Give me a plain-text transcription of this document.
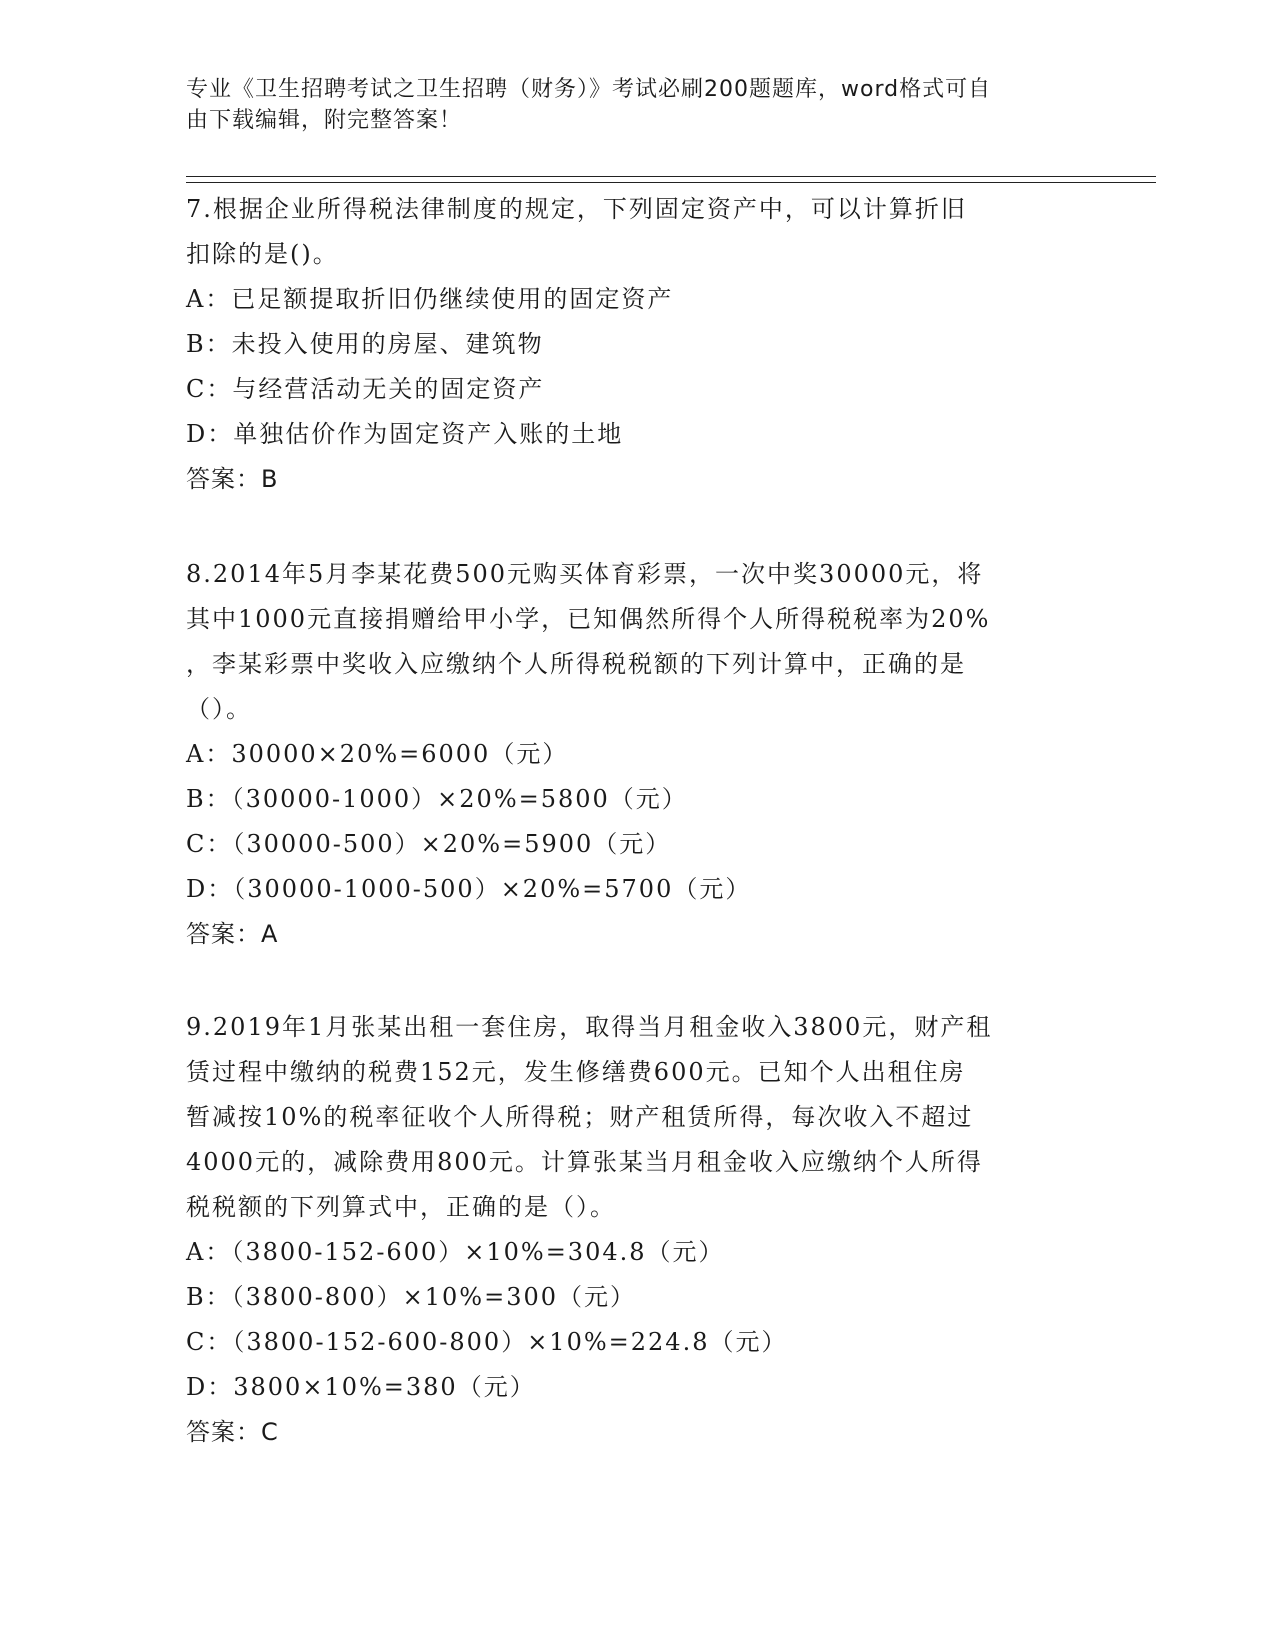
专业《卫生招聘考试之卫生招聘（财务）》考试必刷200题题库，word格式可自
由下载编辑，附完整答案！
7.根据企业所得税法律制度的规定，下列固定资产中，可以计算折旧
扣除的是()。
A：已足额提取折旧仍继续使用的固定资产
B：未投入使用的房屋、建筑物
C：与经营活动无关的固定资产
D：单独估价作为固定资产入账的土地
答案：B
8.2014年5月李某花费500元购买体育彩票，一次中奖30000元，将
其中1000元直接捐赠给甲小学，已知偶然所得个人所得税税率为20%
，李某彩票中奖收入应缴纳个人所得税税额的下列计算中，正确的是
（）。
A：30000×20%=6000（元）
B：（30000-1000）×20%=5800（元）
C：（30000-500）×20%=5900（元）
D：（30000-1000-500）×20%=5700（元）
答案：A
9.2019年1月张某出租一套住房，取得当月租金收入3800元，财产租
赁过程中缴纳的税费152元，发生修缮费600元。已知个人出租住房
暂减按10%的税率征收个人所得税；财产租赁所得，每次收入不超过
4000元的，减除费用800元。计算张某当月租金收入应缴纳个人所得
税税额的下列算式中，正确的是（）。
A：（3800-152-600）×10%=304.8（元）
B：（3800-800）×10%=300（元）
C：（3800-152-600-800）×10%=224.8（元）
D：3800×10%=380（元）
答案：C
